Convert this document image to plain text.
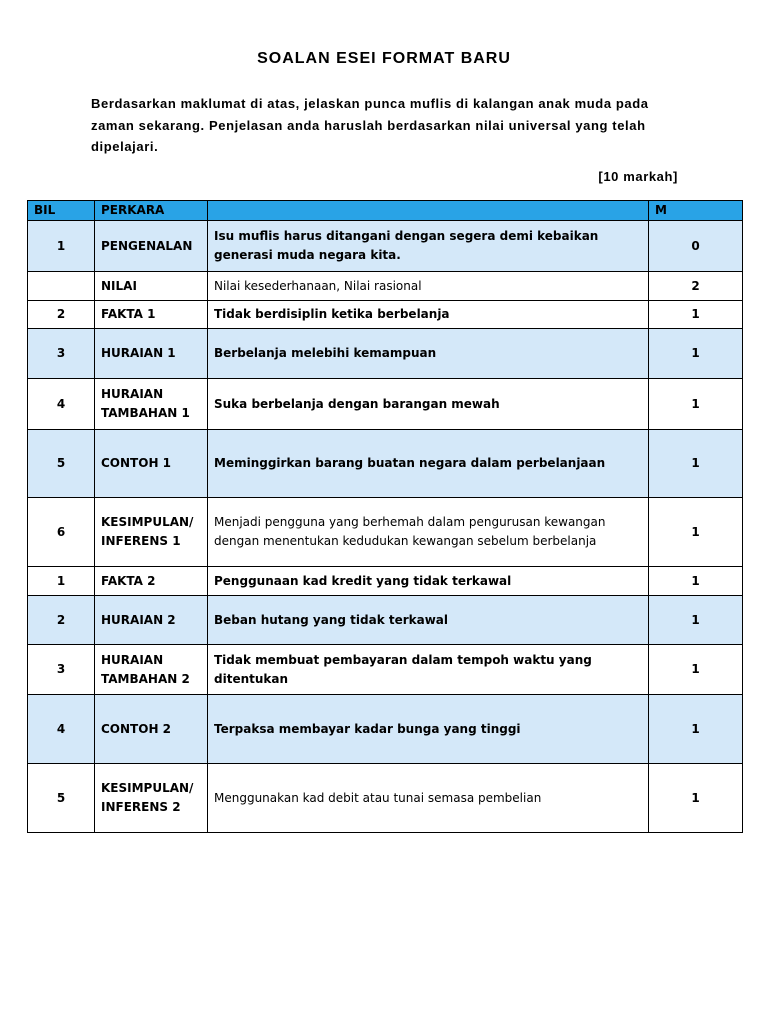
SOALAN ESEI FORMAT BARU
Berdasarkan maklumat di atas, jelaskan punca muflis di kalangan anak muda pada zaman sekarang. Penjelasan anda haruslah berdasarkan nilai universal yang telah dipelajari.
[10 markah]
BIL	PERKARA		M
1	PENGENALAN	Isu muflis harus ditangani dengan segera demi kebaikan generasi muda negara kita.	0
	NILAI	Nilai kesederhanaan, Nilai rasional	2
2	FAKTA 1	Tidak berdisiplin ketika berbelanja	1
3	HURAIAN 1	Berbelanja melebihi kemampuan	1
4	HURAIAN TAMBAHAN 1	Suka berbelanja dengan barangan mewah	1
5	CONTOH 1	Meminggirkan barang buatan negara dalam perbelanjaan	1
6	KESIMPULAN/ INFERENS 1	Menjadi pengguna yang berhemah dalam pengurusan kewangan dengan menentukan kedudukan kewangan sebelum berbelanja	1
1	FAKTA 2	Penggunaan kad kredit yang tidak terkawal	1
2	HURAIAN 2	Beban hutang yang tidak terkawal	1
3	HURAIAN TAMBAHAN 2	Tidak membuat pembayaran dalam tempoh waktu yang ditentukan	1
4	CONTOH 2	Terpaksa membayar kadar bunga yang tinggi	1
5	KESIMPULAN/ INFERENS 2	Menggunakan kad debit atau tunai semasa pembelian	1
